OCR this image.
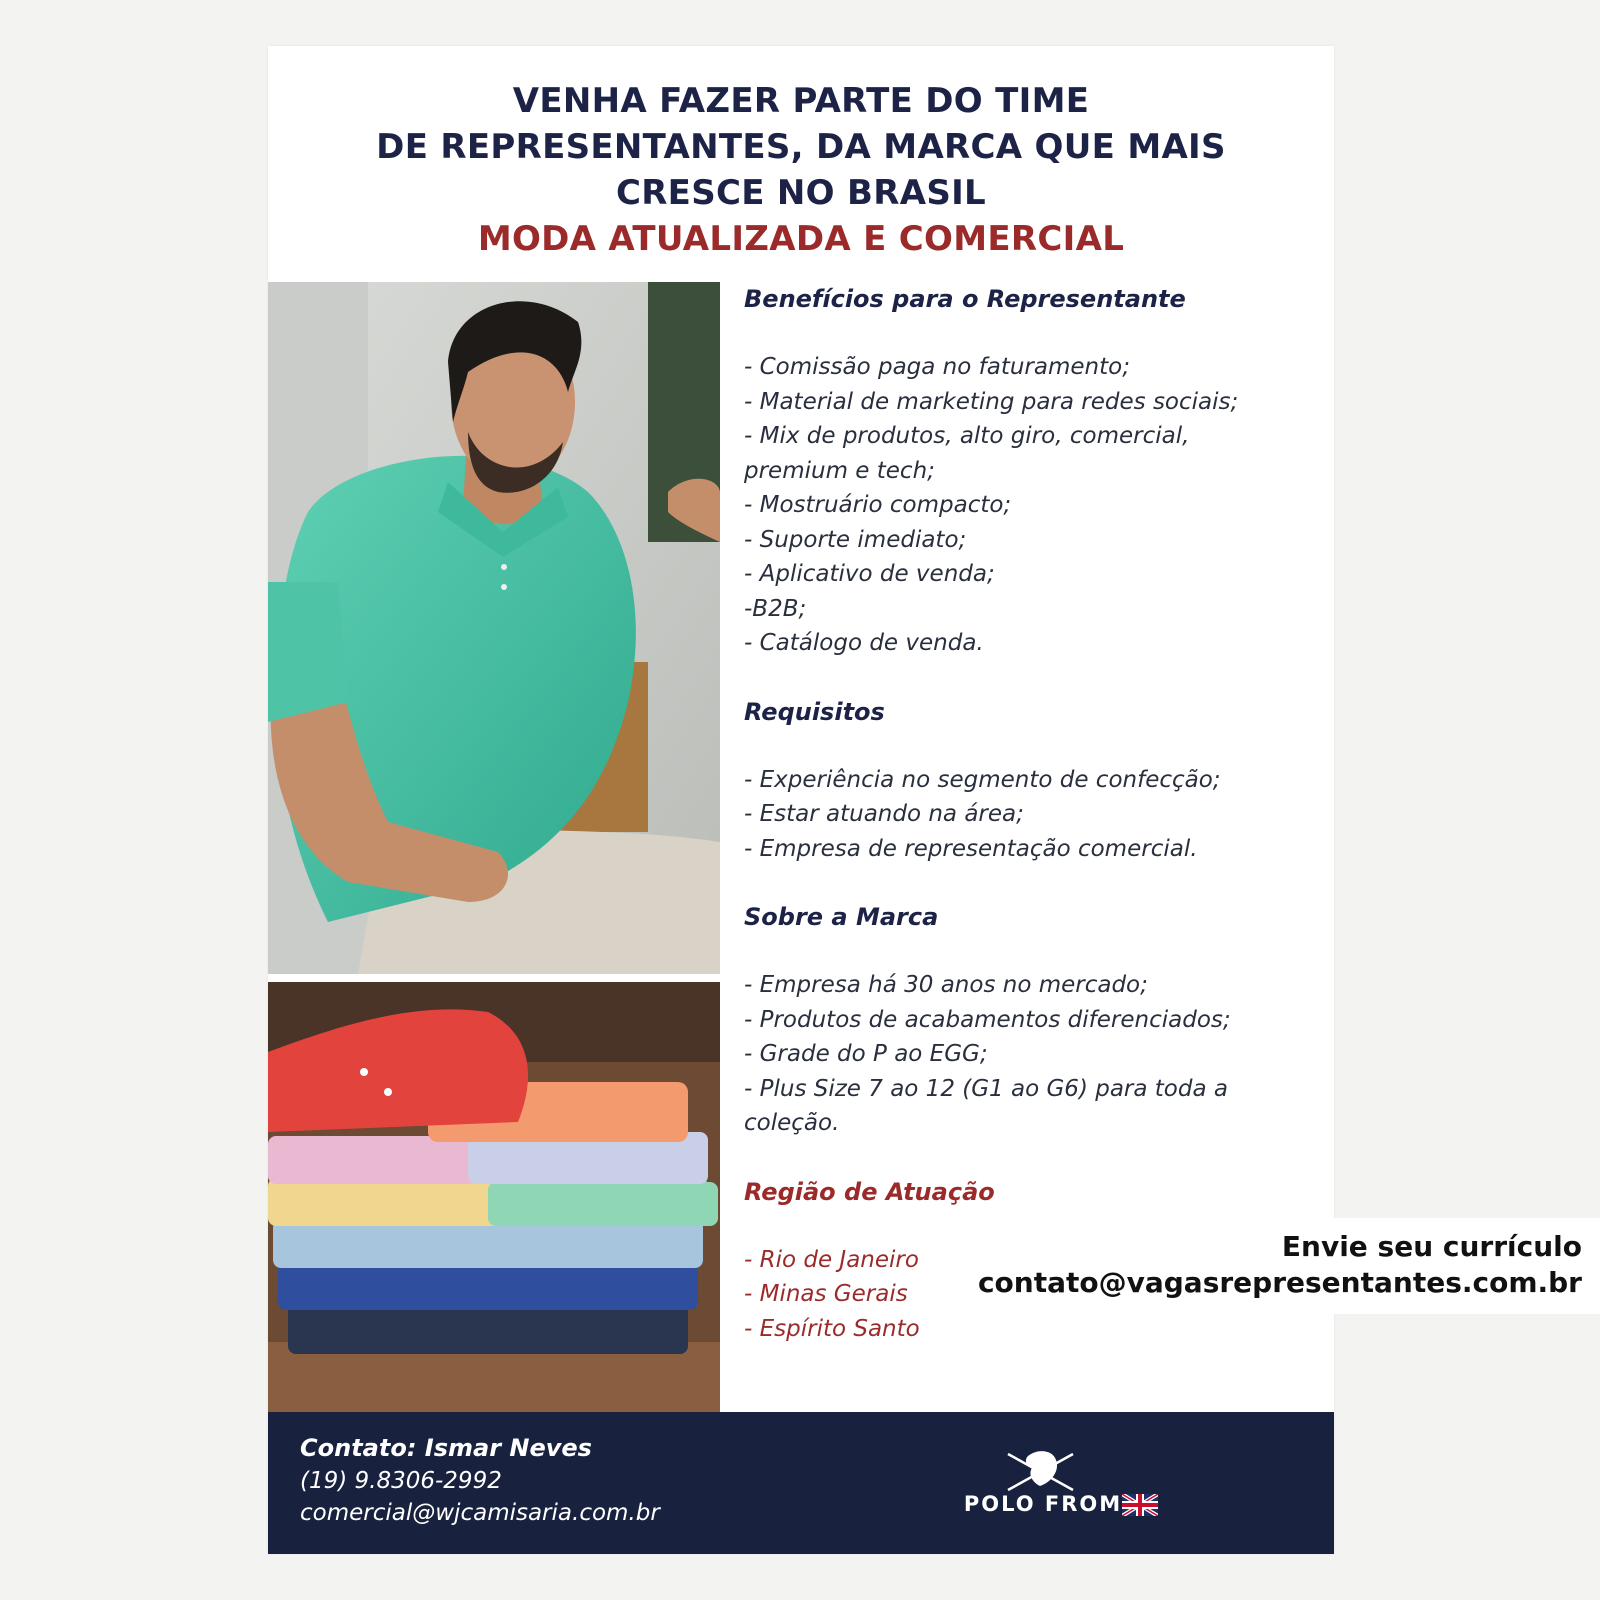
VENHA FAZER PARTE DO TIME
DE REPRESENTANTES, DA MARCA QUE MAIS
CRESCE NO BRASIL
MODA ATUALIZADA E COMERCIAL
Benefícios para o Representante
- Comissão paga no faturamento;
- Material de marketing para redes sociais;
- Mix de produtos, alto giro, comercial,
premium e tech;
- Mostruário compacto;
- Suporte imediato;
- Aplicativo de venda;
-B2B;
- Catálogo de venda.
Requisitos
- Experiência no segmento de confecção;
- Estar atuando na área;
- Empresa de representação comercial.
Sobre a Marca
- Empresa há 30 anos no mercado;
- Produtos de acabamentos diferenciados;
- Grade do P ao EGG;
- Plus Size 7 ao 12 (G1 ao G6) para toda a
coleção.
Região de Atuação
- Rio de Janeiro
- Minas Gerais
- Espírito Santo
Contato: Ismar Neves
(19) 9.8306-2992
comercial@wjcamisaria.com.br	POLO FROM
Envie seu currículo
contato@vagasrepresentantes.com.br
